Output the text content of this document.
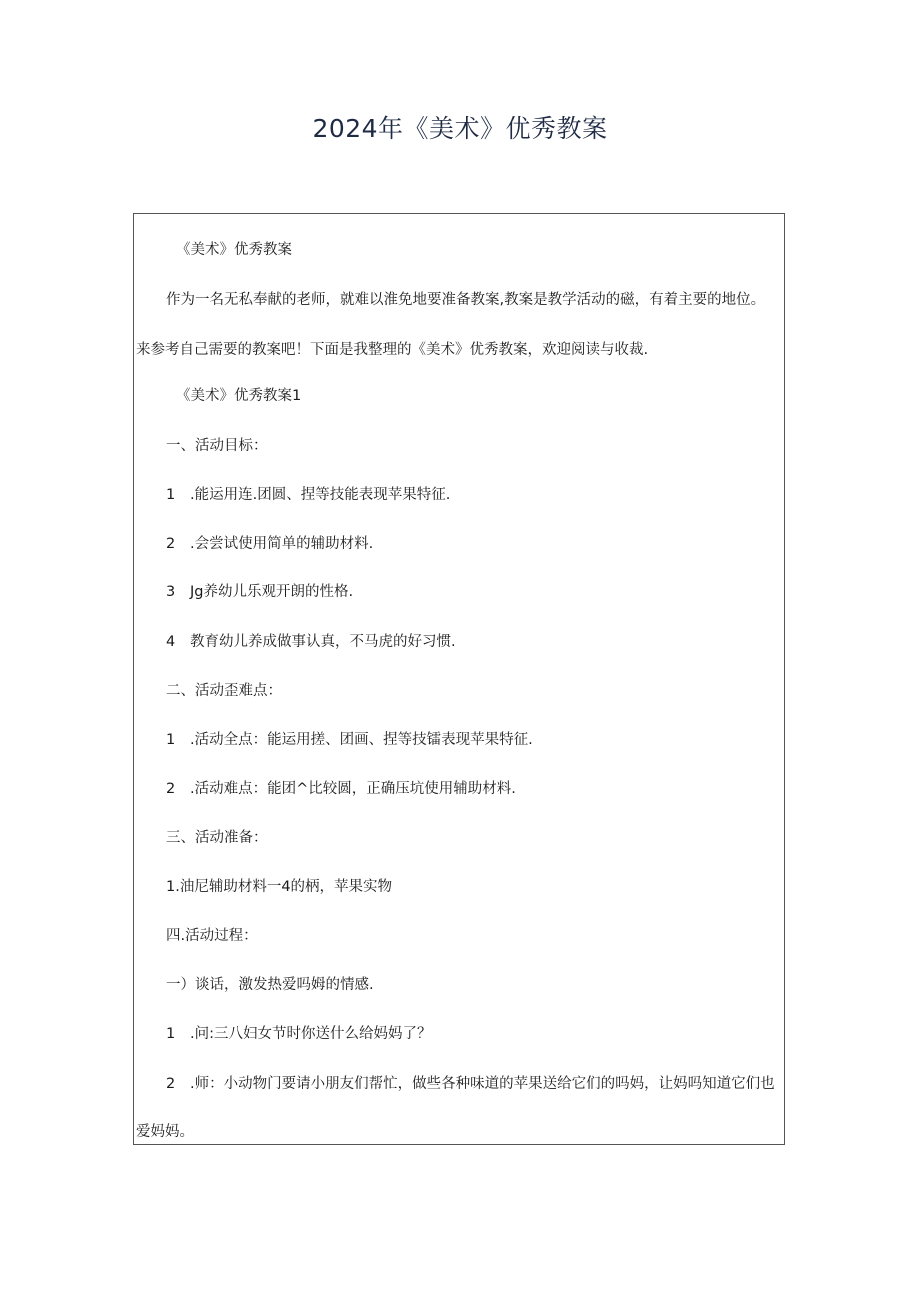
2024年《美术》优秀教案
《美术》优秀教案
作为一名无私奉献的老师，就难以淮免地要准备教案,教案是教学活动的磁，有着主要的地位。
来参考自己需要的教案吧！下面是我整理的《美术》优秀教案，欢迎阅读与收裁.
《美术》优秀教案1
一、活动目标：
1 .能运用连.团圆、捏等技能表现苹果特征.
2 .会尝试使用简单的辅助材料.
3 Jg养幼儿乐观开朗的性格.
4 教育幼儿养成做事认真，不马虎的好习惯.
二、活动歪难点：
1 .活动全点：能运用搓、团画、捏等技镭表现苹果特征.
2 .活动难点：能团^比较圆，正确压坑使用辅助材料.
三、活动准备：
1.油尼辅助材料一4的柄，苹果实物
四.活动过程：
一）谈话，激发热爱吗姆的情感.
1 .问:三八妇女节时你送什么给妈妈了？
2 .师：小动物门要请小朋友们帮忙，做些各种味道的苹果送给它们的吗妈，让妈吗知道它们也
爱妈妈。
